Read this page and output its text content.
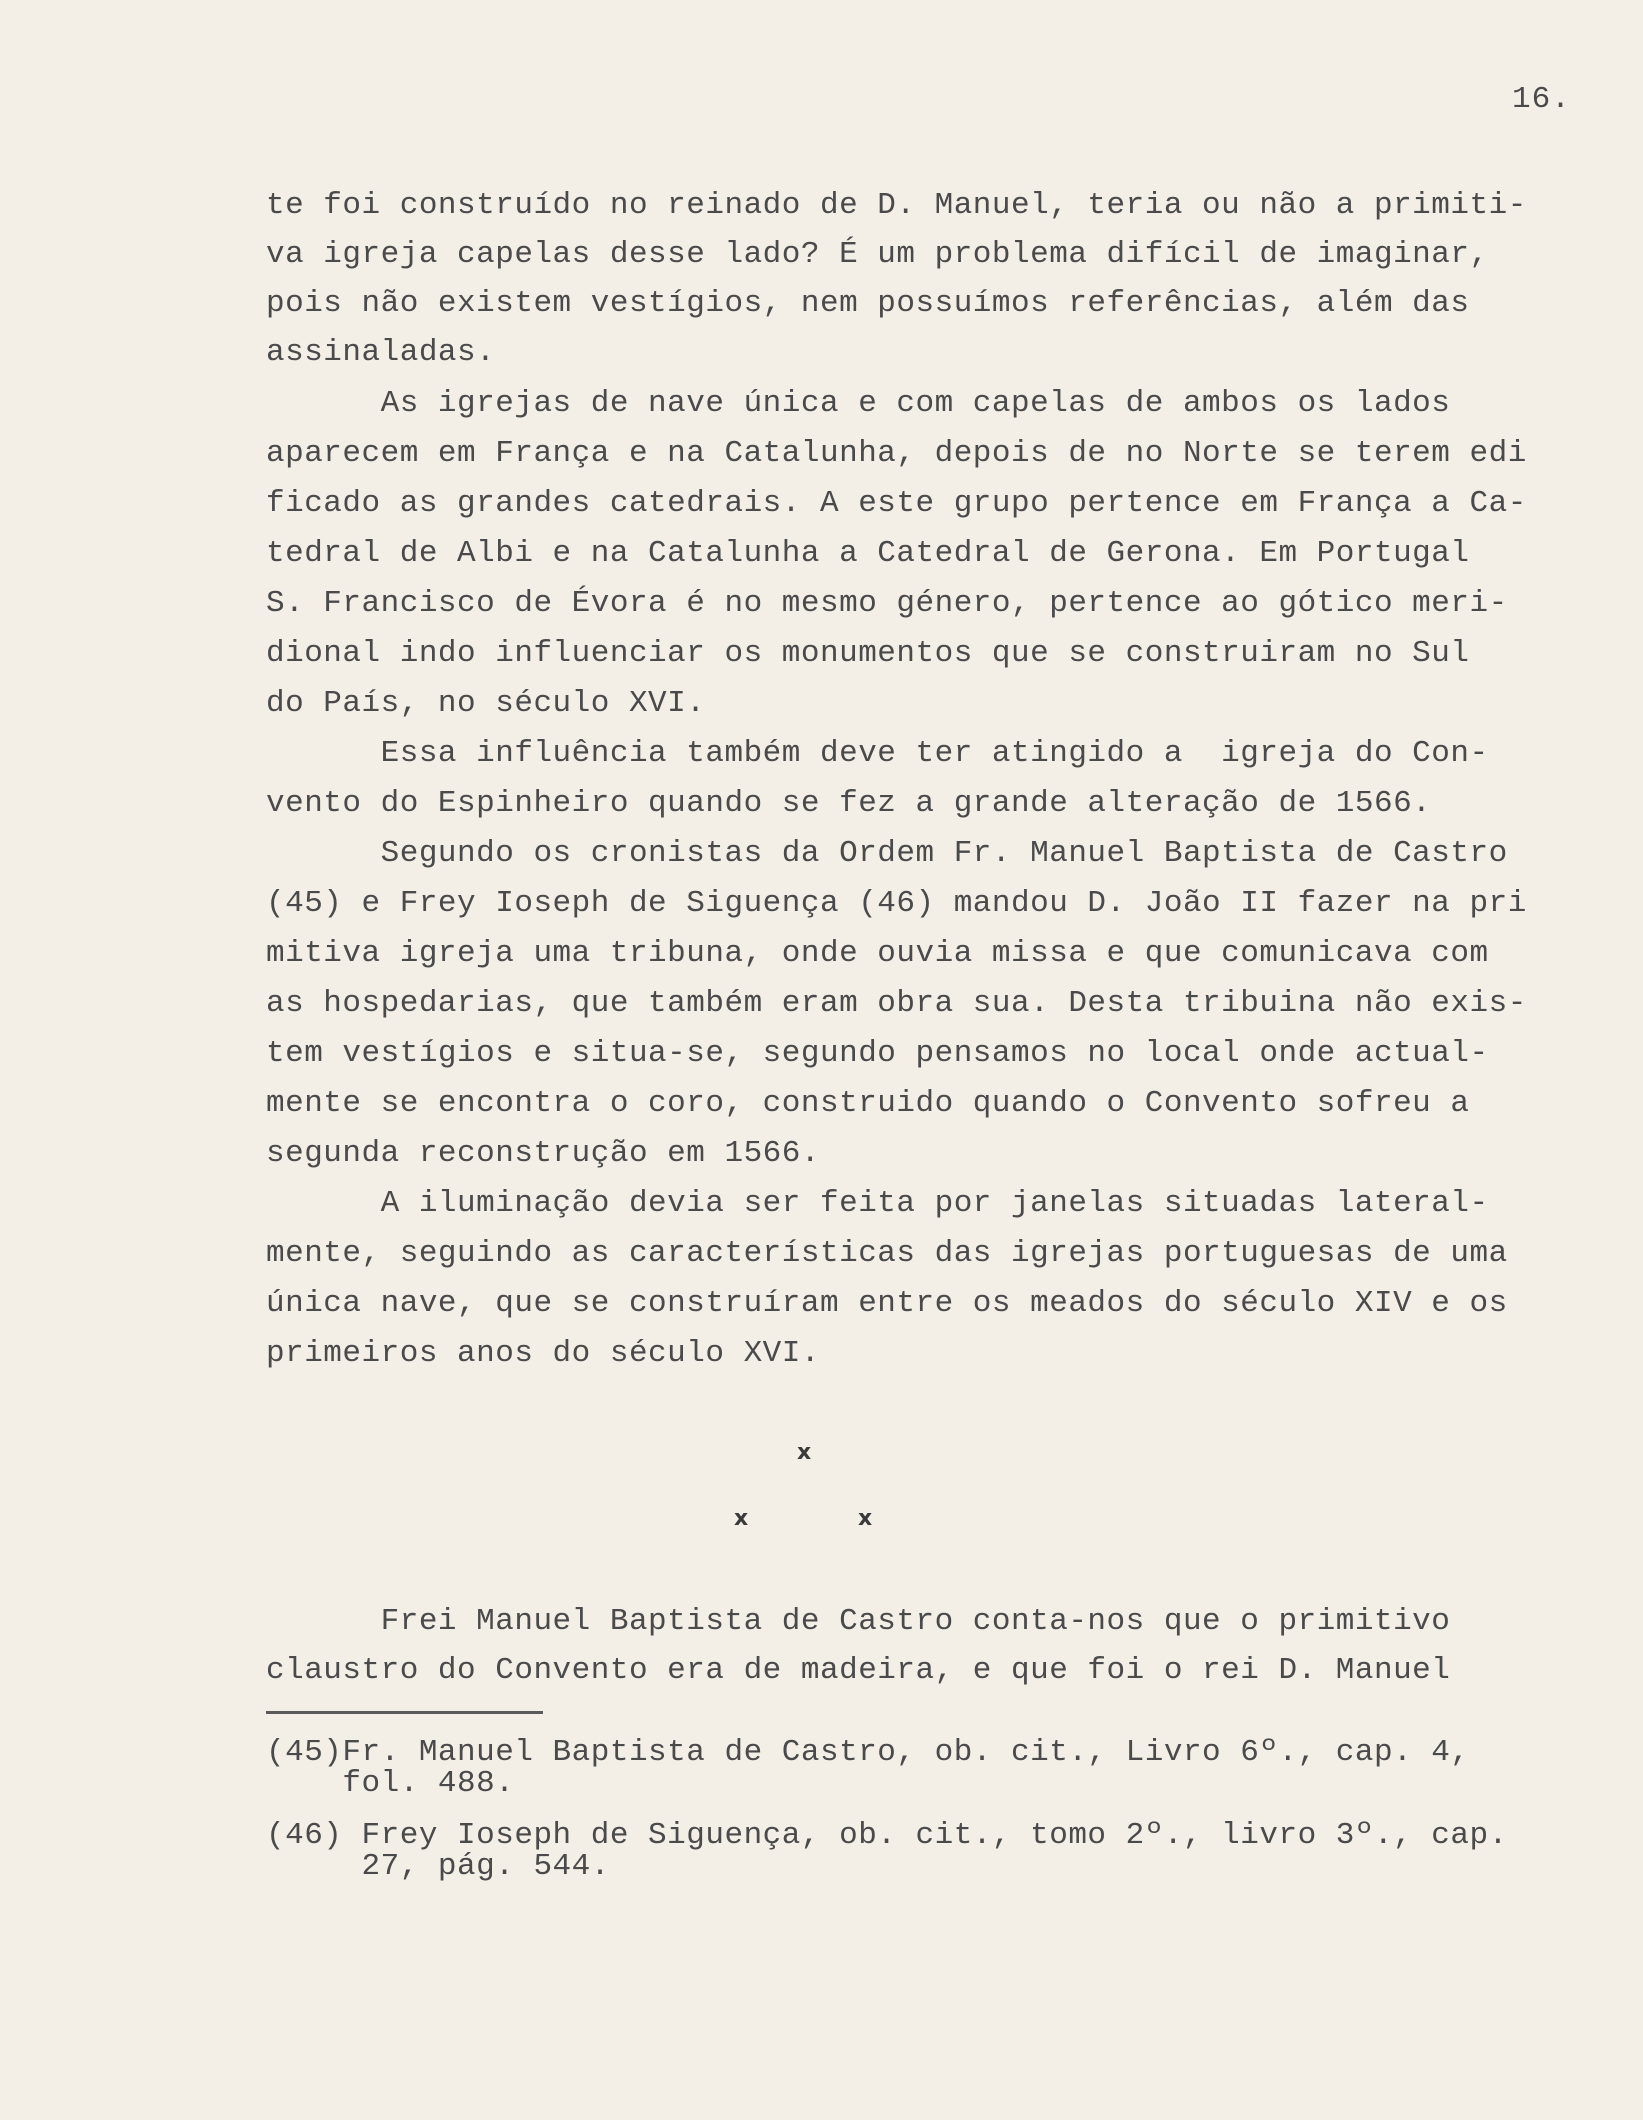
16.
te foi construído no reinado de D. Manuel, teria ou não a primiti-
va igreja capelas desse lado? É um problema difícil de imaginar,
pois não existem vestígios, nem possuímos referências, além das
assinaladas.
As igrejas de nave única e com capelas de ambos os lados
aparecem em França e na Catalunha, depois de no Norte se terem edi
ficado as grandes catedrais. A este grupo pertence em França a Ca-
tedral de Albi e na Catalunha a Catedral de Gerona. Em Portugal
S. Francisco de Évora é no mesmo género, pertence ao gótico meri-
dional indo influenciar os monumentos que se construiram no Sul
do País, no século XVI.
Essa influência também deve ter atingido a  igreja do Con-
vento do Espinheiro quando se fez a grande alteração de 1566.
Segundo os cronistas da Ordem Fr. Manuel Baptista de Castro
(45) e Frey Ioseph de Siguença (46) mandou D. João II fazer na pri
mitiva igreja uma tribuna, onde ouvia missa e que comunicava com
as hospedarias, que também eram obra sua. Desta tribuina não exis-
tem vestígios e situa-se, segundo pensamos no local onde actual-
mente se encontra o coro, construido quando o Convento sofreu a
segunda reconstrução em 1566.
A iluminação devia ser feita por janelas situadas lateral-
mente, seguindo as características das igrejas portuguesas de uma
única nave, que se construíram entre os meados do século XIV e os
primeiros anos do século XVI.
x
x	x
Frei Manuel Baptista de Castro conta-nos que o primitivo
claustro do Convento era de madeira, e que foi o rei D. Manuel
(45)Fr. Manuel Baptista de Castro, ob. cit., Livro 6º., cap. 4,
fol. 488.
(46) Frey Ioseph de Siguença, ob. cit., tomo 2º., livro 3º., cap.
27, pág. 544.
